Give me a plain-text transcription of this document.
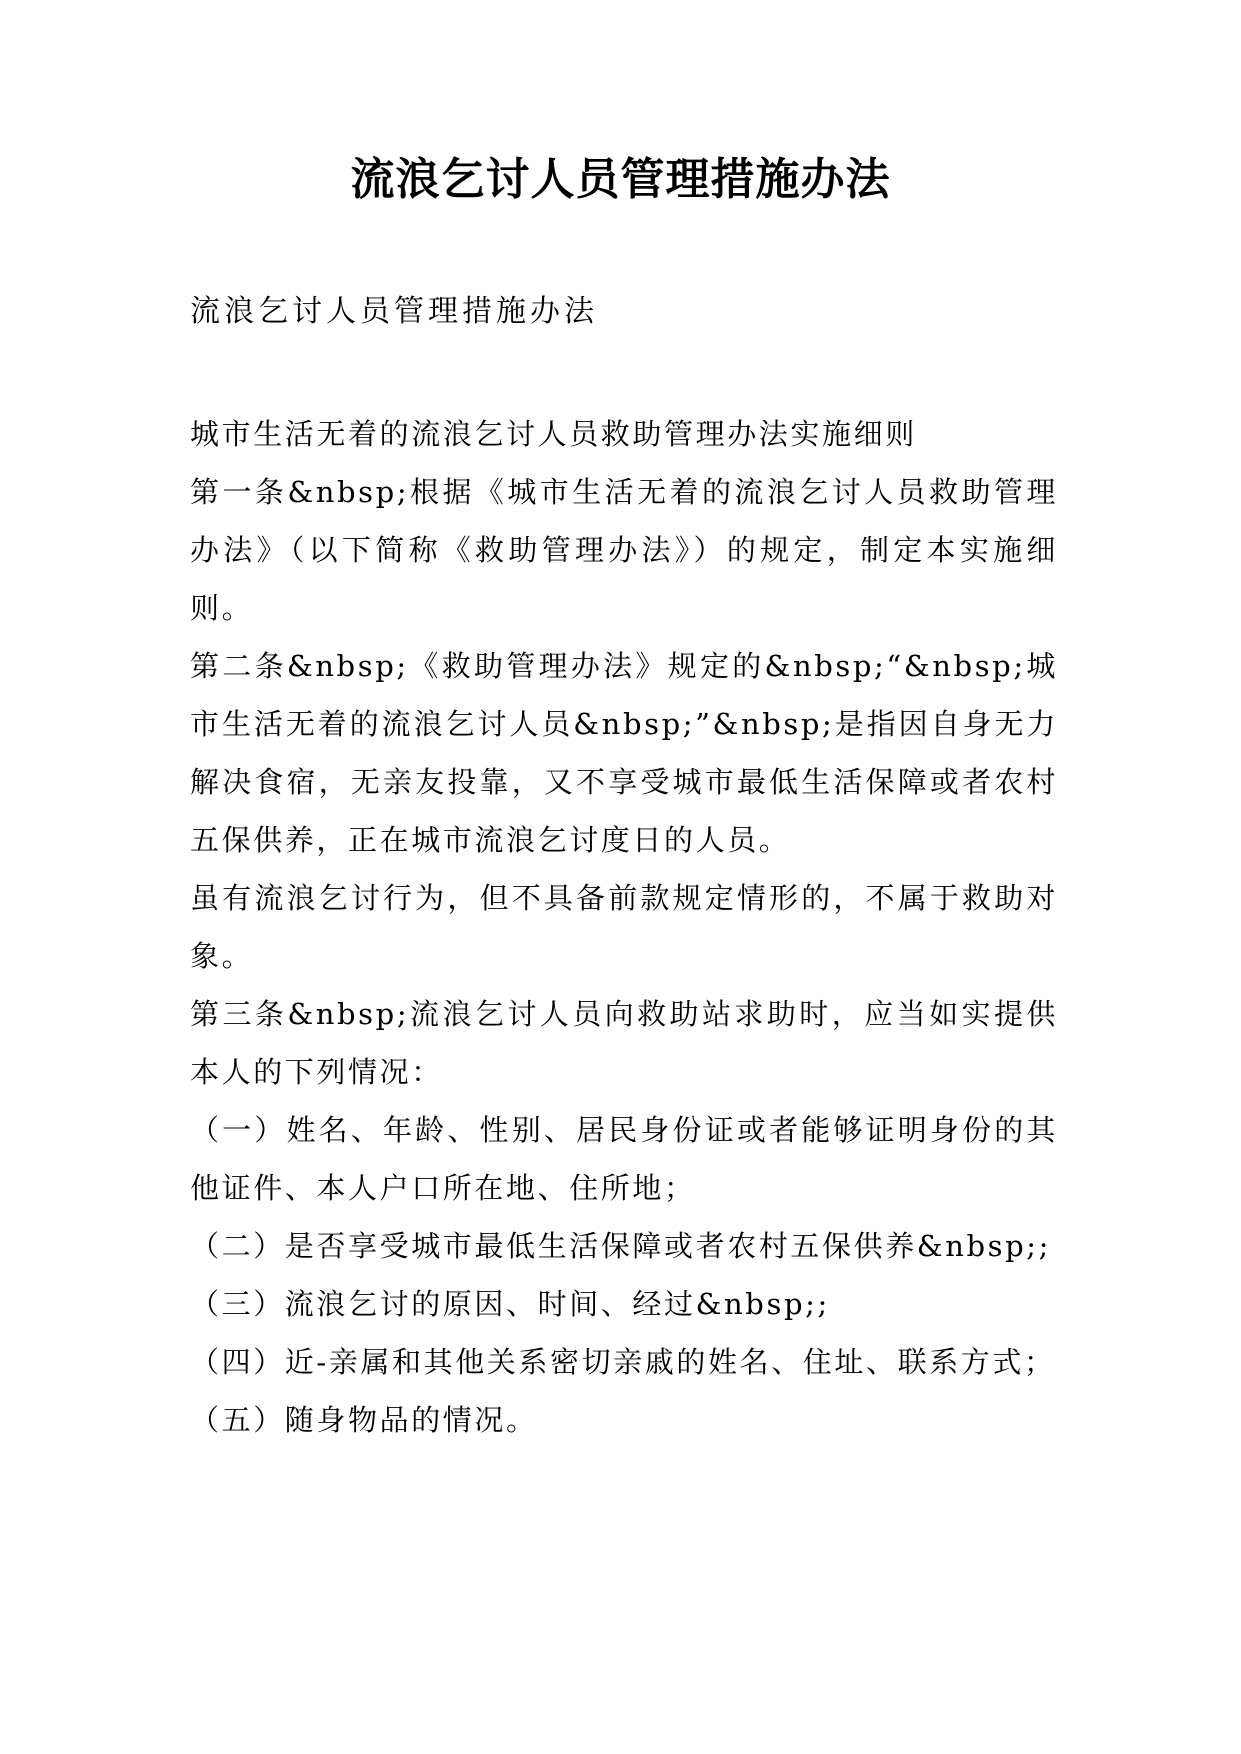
流浪乞讨人员管理措施办法

流浪乞讨人员管理措施办法

城市生活无着的流浪乞讨人员救助管理办法实施细则

第一条&nbsp;根据《城市生活无着的流浪乞讨人员救助管理办法》（以下简称《救助管理办法》）的规定，制定本实施细则。

第二条&nbsp;《救助管理办法》规定的&nbsp;“&nbsp;城市生活无着的流浪乞讨人员&nbsp;”&nbsp;是指因自身无力解决食宿，无亲友投靠，又不享受城市最低生活保障或者农村五保供养，正在城市流浪乞讨度日的人员。

虽有流浪乞讨行为，但不具备前款规定情形的，不属于救助对象。

第三条&nbsp;流浪乞讨人员向救助站求助时，应当如实提供本人的下列情况：

（一）姓名、年龄、性别、居民身份证或者能够证明身份的其他证件、本人户口所在地、住所地；

（二）是否享受城市最低生活保障或者农村五保供养&nbsp;;

（三）流浪乞讨的原因、时间、经过&nbsp;;

（四）近-亲属和其他关系密切亲戚的姓名、住址、联系方式；

（五）随身物品的情况。
